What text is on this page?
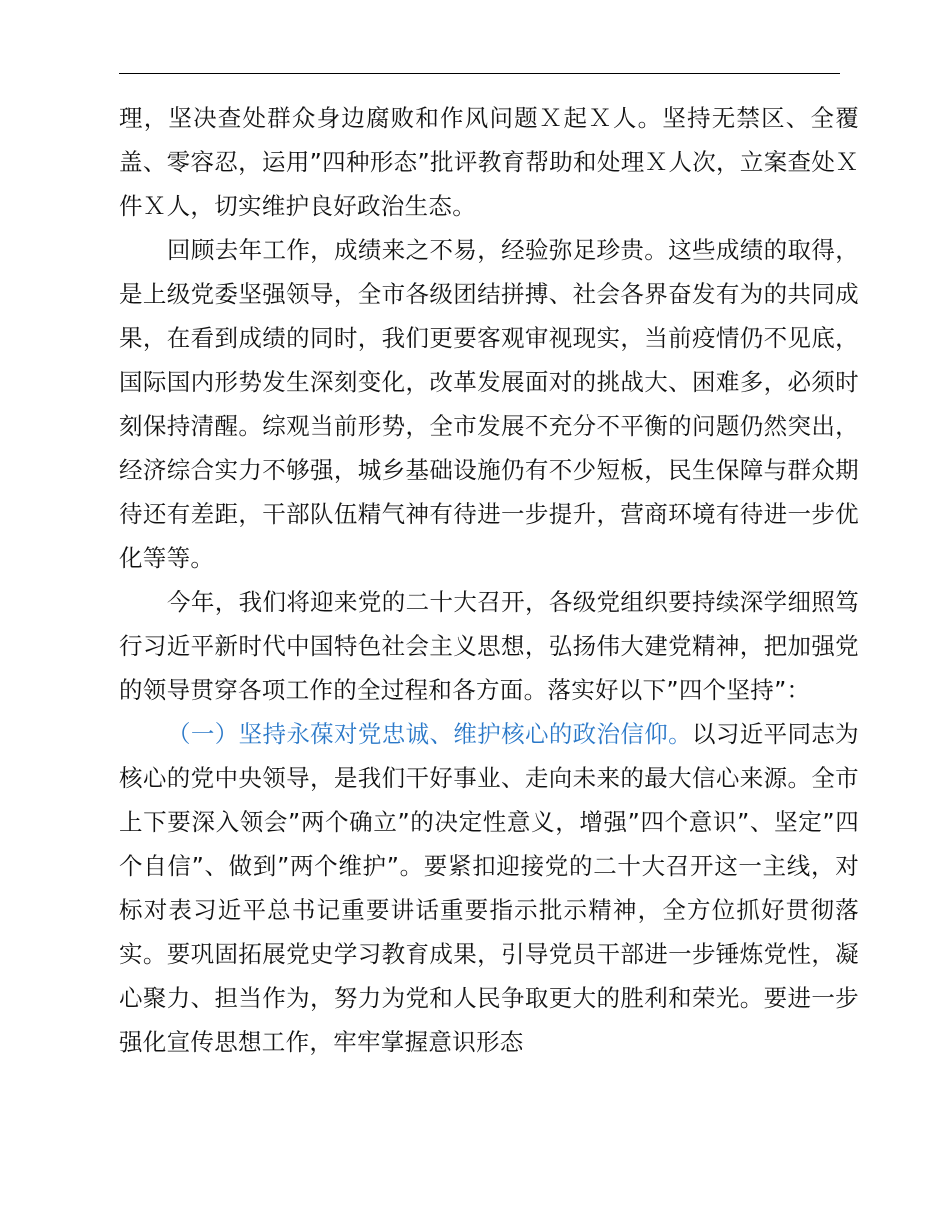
理，坚决查处群众身边腐败和作风问题Ｘ起Ｘ人。坚持无禁区、全覆盖、零容忍，运用”四种形态”批评教育帮助和处理Ｘ人次，立案查处Ｘ件Ｘ人，切实维护良好政治生态。

回顾去年工作，成绩来之不易，经验弥足珍贵。这些成绩的取得，是上级党委坚强领导，全市各级团结拼搏、社会各界奋发有为的共同成果，在看到成绩的同时，我们更要客观审视现实，当前疫情仍不见底，国际国内形势发生深刻变化，改革发展面对的挑战大、困难多，必须时刻保持清醒。综观当前形势，全市发展不充分不平衡的问题仍然突出，经济综合实力不够强，城乡基础设施仍有不少短板，民生保障与群众期待还有差距，干部队伍精气神有待进一步提升，营商环境有待进一步优化等等。

今年，我们将迎来党的二十大召开，各级党组织要持续深学细照笃行习近平新时代中国特色社会主义思想，弘扬伟大建党精神，把加强党的领导贯穿各项工作的全过程和各方面。落实好以下”四个坚持”：

（一）坚持永葆对党忠诚、维护核心的政治信仰。以习近平同志为核心的党中央领导，是我们干好事业、走向未来的最大信心来源。全市上下要深入领会”两个确立”的决定性意义，增强”四个意识”、坚定”四个自信”、做到”两个维护”。要紧扣迎接党的二十大召开这一主线，对标对表习近平总书记重要讲话重要指示批示精神，全方位抓好贯彻落实。要巩固拓展党史学习教育成果，引导党员干部进一步锤炼党性，凝心聚力、担当作为，努力为党和人民争取更大的胜利和荣光。要进一步强化宣传思想工作，牢牢掌握意识形态
